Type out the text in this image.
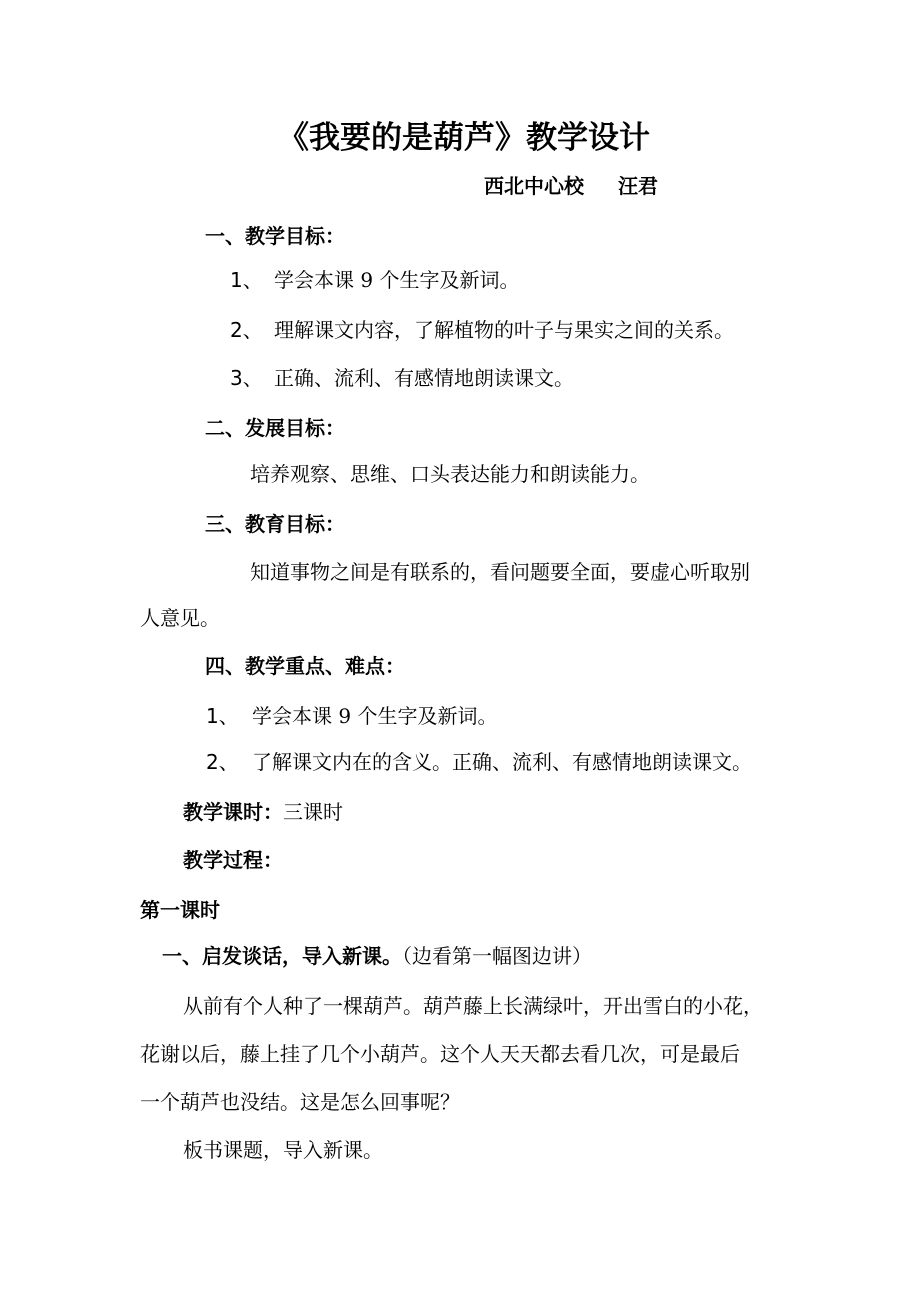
《我要的是葫芦》教学设计
西北中心校 汪君
一、教学目标：
1、 学会本课 9 个生字及新词。
2、 理解课文内容，了解植物的叶子与果实之间的关系。
3、 正确、流利、有感情地朗读课文。
二、发展目标：
培养观察、思维、口头表达能力和朗读能力。
三、教育目标：
知道事物之间是有联系的，看问题要全面，要虚心听取别
人意见。
四、教学重点、难点：
1、 学会本课 9 个生字及新词。
2、 了解课文内在的含义。正确、流利、有感情地朗读课文。
教学课时：三课时
教学过程：
第一课时
一、启发谈话，导入新课。（边看第一幅图边讲）
从前有个人种了一棵葫芦。葫芦藤上长满绿叶，开出雪白的小花，
花谢以后，藤上挂了几个小葫芦。这个人天天都去看几次，可是最后
一个葫芦也没结。这是怎么回事呢？
板书课题，导入新课。
